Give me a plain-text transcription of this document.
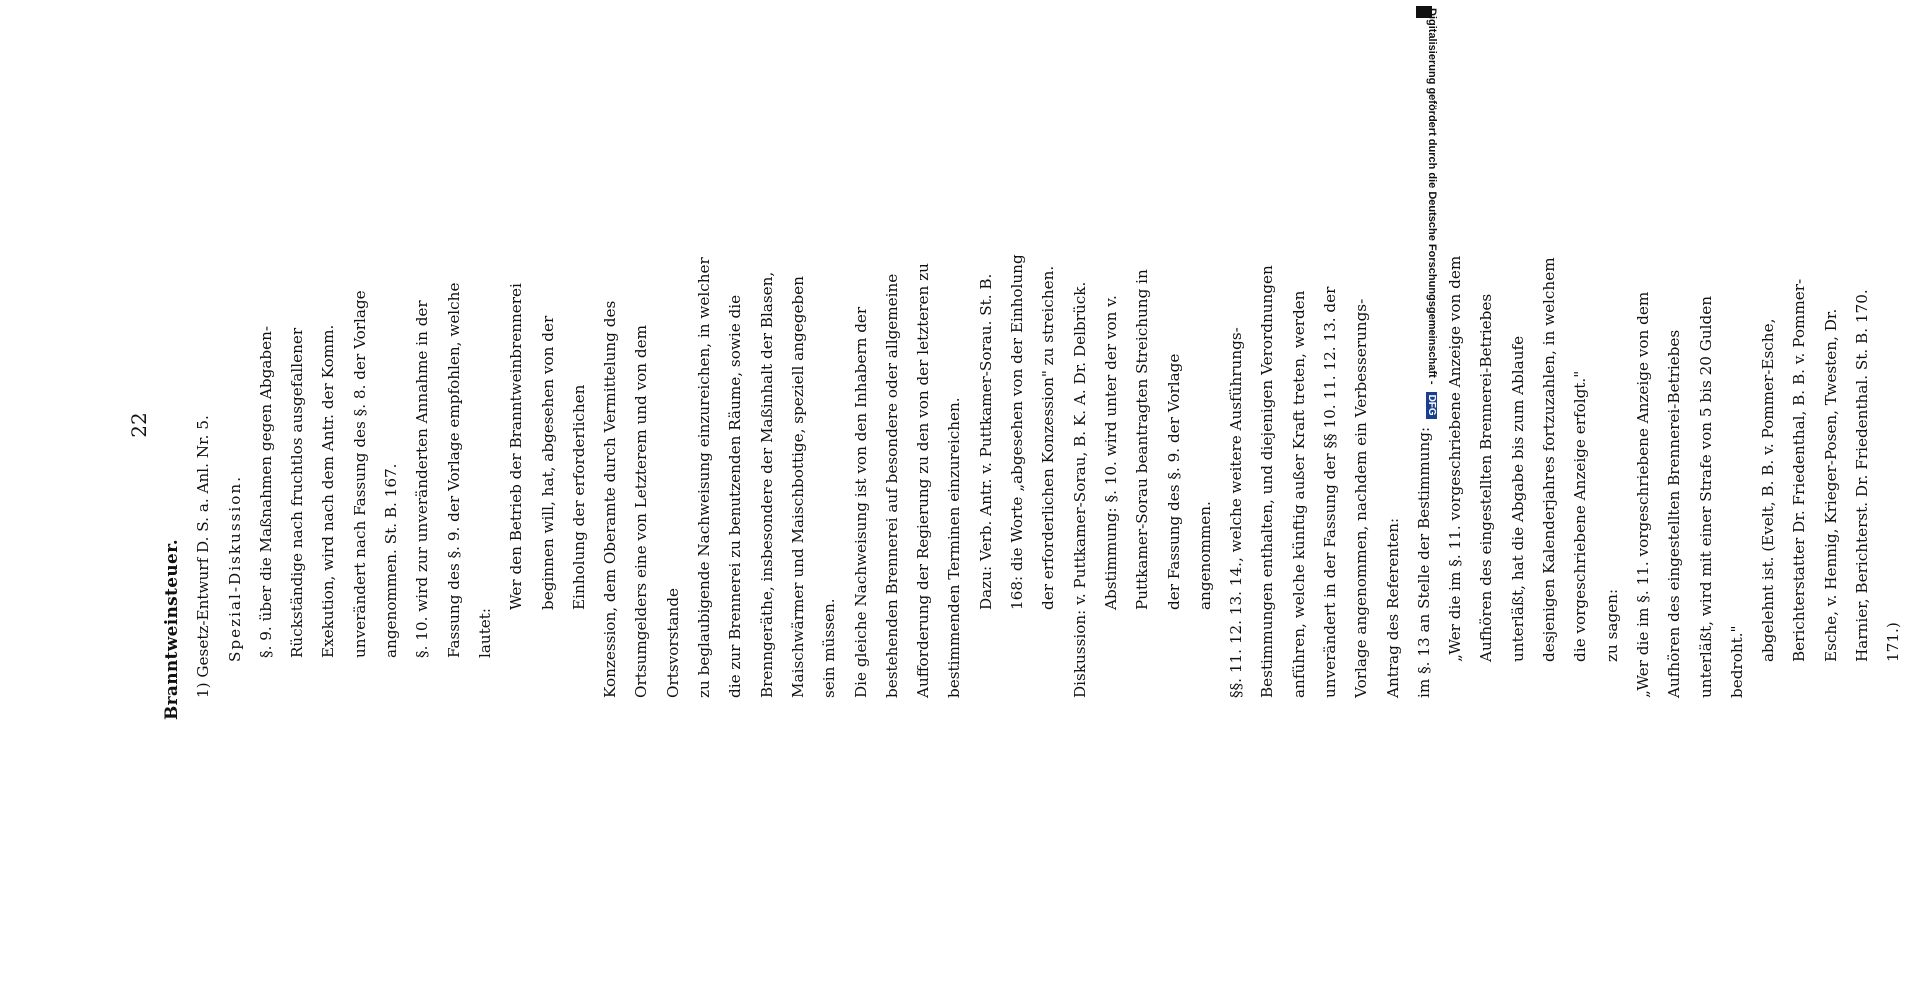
22
Branntweinsteuer. 1) Gesetz-Entwurf D. S. a. Anl. Nr. 5. Spezial-Diskussion. §. 9. über die Maßnahmen gegen Abgaben-Rückständige nach fruchtlos ausgefallener Exekution, wird nach dem Antr. der Komm. unverändert nach Fassung des §. 8. der Vorlage angenommen. St. B. 167. §. 10. wird zur unveränderten Annahme in der Fassung des §. 9. der Vorlage empfohlen, welche lautet:
Wer den Betrieb der Branntweinbrennerei beginnen will, hat, abgesehen von der Einholung der erforderlichen Konzession, dem Oberamte durch Vermittelung des Ortsumgelders eine von Letzterem und von dem Ortsvorstande zu beglaubigende Nachweisung einzureichen, in welcher die zur Brennerei zu benutzenden Räume, sowie die Brenngeräthe, insbesondere der Maßinhalt der Blasen, Maischwärmer und Maischbottige, speziell angegeben sein müssen. Die gleiche Nachweisung ist von den Inhabern der bestehenden Brennerei auf besondere oder allgemeine Aufforderung der Regierung zu den von der letzteren zu bestimmenden Terminen einzureichen. Dazu: Verb. Antr. v. Puttkamer-Sorau. St. B. 168: die Worte „abgesehen von der Einholung der erforderlichen Konzession" zu streichen. Diskussion: v. Puttkamer-Sorau, B. K. A. Dr. Delbrück. Abstimmung: §. 10. wird unter der von v. Puttkamer-Sorau beantragten Streichung in der Fassung des §. 9. der Vorlage angenommen. §§. 11. 12. 13. 14., welche weitere Ausführungs-Bestimmungen enthalten, und diejenigen Verordnungen anführen, welche künftig außer Kraft treten, werden unverändert in der Fassung der §§ 10. 11. 12. 13. der Vorlage angenommen, nachdem ein Verbesserungs-Antrag des Referenten: im §. 13 an Stelle der Bestimmung: „Wer die im §. 11. vorgeschriebene Anzeige von dem Aufhören des eingestellten Brennerei-Betriebes unterläßt, hat die Abgabe bis zum Ablaufe desjenigen Kalenderjahres fortzuzahlen, in welchem die vorgeschriebene Anzeige erfolgt." zu sagen: „Wer die im §. 11. vorgeschriebene Anzeige von dem Aufhören des eingestellten Brennerei-Betriebes unterläßt, wird mit einer Strafe von 5 bis 20 Gulden bedroht." abgelehnt ist. (Evelt, B. B. v. Pommer-Esche, Berichterstatter Dr. Friedenthal, B. B. v. Pommer-Esche, v. Hennig, Krieger-Posen, Twesten, Dr. Harnier, Berichterst. Dr. Friedenthal. St. B. 170. 171.)
Digitalisierung gefördert durch die Deutsche Forschungsgemeinschaft - DFG
